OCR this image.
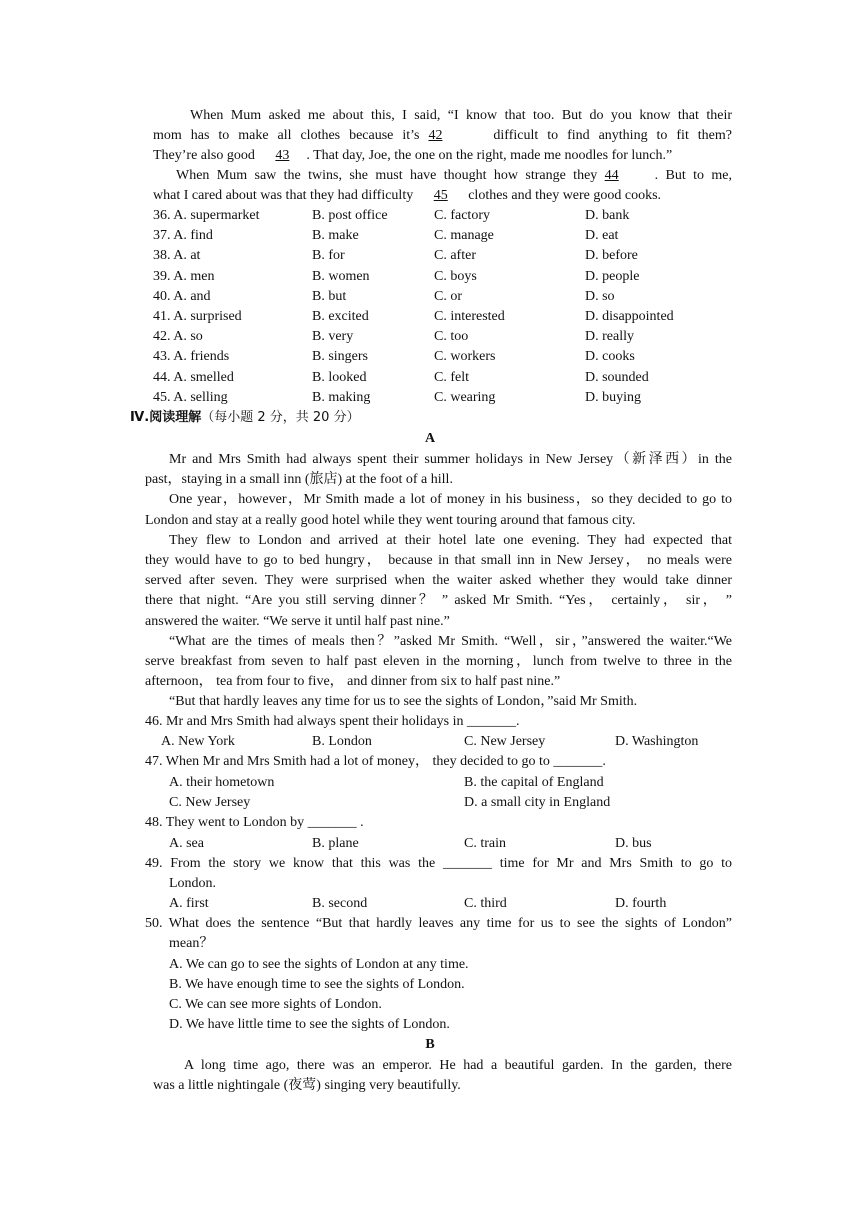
When Mum asked me about this, I said, “I know that too. But do you know that their
mom has to make all clothes because it’s 42	difficult to find anything to fit them?
They’re also good 43 . That day, Joe, the one on the right, made me noodles for lunch.”
When Mum saw the twins, she must have thought how strange they 44	. But to me,
what I cared about was that they had difficulty 45 clothes and they were good cooks.
36. A. supermarket	B. post office	C. factory	D. bank
37. A. find	B. make	C. manage	D. eat
38. A. at	B. for	C. after	D. before
39. A. men	B. women	C. boys	D. people
40. A. and	B. but	C. or	D. so
41. A. surprised	B. excited	C. interested	D. disappointed
42. A. so	B. very	C. too	D. really
43. A. friends	B. singers	C. workers	D. cooks
44. A. smelled	B. looked	C. felt	D. sounded
45. A. selling	B. making	C. wearing	D. buying
Ⅳ.阅读理解（每小题 2 分，共 20 分）
A
Mr and Mrs Smith had always spent their summer holidays in New Jersey（新泽西）in the
past，staying in a small inn (旅店) at the foot of a hill.
One year，however，Mr Smith made a lot of money in his business，so they decided to go to
London and stay at a really good hotel while they went touring around that famous city.
They flew to London and arrived at their hotel late one evening. They had expected that
they would have to go to bed hungry， because in that small inn in New Jersey， no meals were
served after seven. They were surprised when the waiter asked whether they would take dinner
there that night. “Are you still serving dinner？ ” asked Mr Smith. “Yes， certainly， sir， ”
answered the waiter. “We serve it until half past nine.”
“What are the times of meals then？”asked Mr Smith. “Well，sir，”answered the waiter.“We
serve breakfast from seven to half past eleven in the morning，lunch from twelve to three in the
afternoon， tea from four to five， and dinner from six to half past nine.”
“But that hardly leaves any time for us to see the sights of London，”said Mr Smith.
46. Mr and Mrs Smith had always spent their holidays in _______.
A. New York	B. London	C. New Jersey	D. Washington
47. When Mr and Mrs Smith had a lot of money， they decided to go to _______.
A. their hometown	B. the capital of England
C. New Jersey	D. a small city in England
48. They went to London by _______ .
A. sea	B. plane	C. train	D. bus
49. From the story we know that this was the _______ time for Mr and Mrs Smith to go to
London.
A. first	B. second	C. third	D. fourth
50. What does the sentence “But that hardly leaves any time for us to see the sights of London”
mean？
A. We can go to see the sights of London at any time.
B. We have enough time to see the sights of London.
C. We can see more sights of London.
D. We have little time to see the sights of London.
B
A long time ago, there was an emperor. He had a beautiful garden. In the garden, there
was a little nightingale (夜莺) singing very beautifully.
